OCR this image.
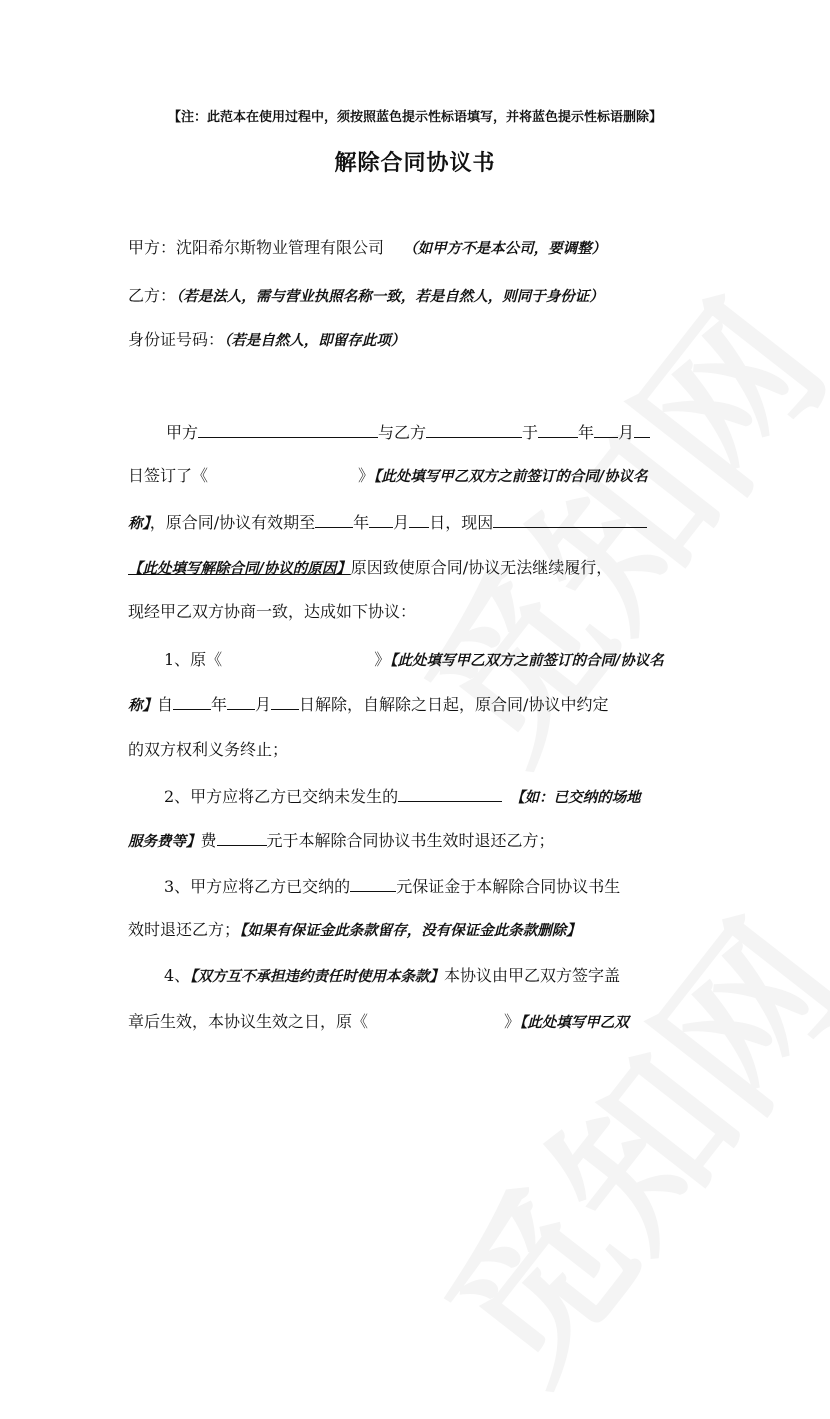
【注：此范本在使用过程中，须按照蓝色提示性标语填写，并将蓝色提示性标语删除】
解除合同协议书
甲方：沈阳希尔斯物业管理有限公司 （如甲方不是本公司，要调整）
乙方：（若是法人，需与营业执照名称一致，若是自然人，则同于身份证）
身份证号码：（若是自然人，即留存此项）
甲方	与乙方	于	年 月
日签订了《	》【此处填写甲乙双方之前签订的合同/协议名
称】，原合同/协议有效期至 年 月 日，现因
【此处填写解除合同/协议的原因】原因致使原合同/协议无法继续履行，
现经甲乙双方协商一致，达成如下协议：
1、原《	》【此处填写甲乙双方之前签订的合同/协议名
称】自 年 月 日解除，自解除之日起，原合同/协议中约定
的双方权利义务终止；
2、甲方应将乙方已交纳未发生的	【如：已交纳的场地
服务费等】费	元于本解除合同协议书生效时退还乙方；
3、甲方应将乙方已交纳的	元保证金于本解除合同协议书生
效时退还乙方；【如果有保证金此条款留存，没有保证金此条款删除】
4、【双方互不承担违约责任时使用本条款】本协议由甲乙双方签字盖
章后生效，本协议生效之日，原《	》【此处填写甲乙双
